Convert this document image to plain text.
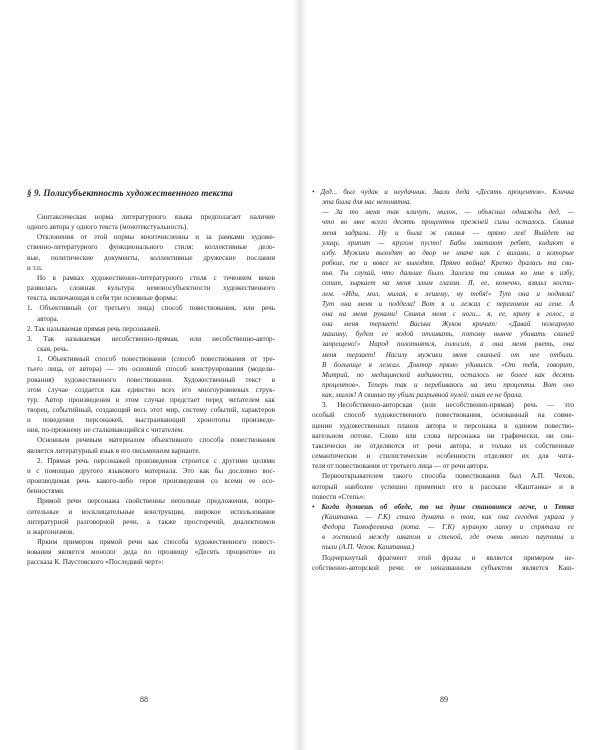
§ 9. Полисубъектность художественного текста
Синтаксическая норма литературного языка предполагает наличие
одного автора у одного текста (монотекстуальность).
Отклонения от этой нормы многочисленны и за рамками художе-
ственно-литературного функционального стиля: коллективные дело-
вые, политические документы, коллективные дружеские послания
и т.п.
Но в рамках художественно-литературного стиля с течением веков
развилась сложная культура немоносубъектности художественного
текста, включающая в себя три основные формы:
1. Объективный (от третьего лица) способ повествования, или речь
автора.
2. Так называемая прямая речь персонажей.
3. Так называемая несобственно-прямая, или несобственно-автор-
ская, речь.
1. Объективный способ повествования (способ повествования от тре-
тьего лица, от автора) — это основной способ конструирования (модели-
рования) художественного повествования. Художественный текст в
этом случае создается как единство всех его многоуровневых струк-
тур. Автор произведения в этом случае предстает перед читателем как
творец, событийный, создающий весь этот мир, систему событий, характеров
и поведения персонажей, выстраивающий хронотопы произведе-
ния, по-прежнему не сталкивающийся с читателем.
Основным речевым материалом объективного способа повествования
является литературный язык в его письменном варианте.
2. Прямая речь персонажей произведения строится с другими целями
и с помощью другого языкового материала. Это как бы дословно вос-
производимая речь какого-либо героя произведения со всеми ее осо-
бенностями.
Прямой речи персонажа свойственны неполные предложения, вопро-
сительные и восклицательные конструкции, широкое использование
литературной разговорной речи, а также просторечий, диалектизмов
и жаргонизмов.
Ярким примером прямой речи как способа художественного повест-
вования является монолог деда по прозвищу «Десять процентов» из
рассказа К. Паустовского «Последний черт»:
88
• Дед... был чудак и неудачник. Звали деда «Десять процентов». Кличка
эта была для нас непонятна.
— За то меня так кличут, милок, — объяснил однажды дед, —
что во мне всего десять процентов прежней силы осталось. Свинья
меня задрала. Ну и была ж свинья — прямо лев! Выйдет на
улицу, хрипит — кругом пусто! Бабы хватают ребят, кидают в
избу. Мужики выходят во двор не иначе как с вилами, а которые
робкие, те и вовсе не выходят. Прямо война! Крепко дралась та сви-
нья. Ты слухай, что дальше было. Залезла та свинья ко мне в избу,
сопит, зыркает на меня злым глазом. Я, ее, конечно, взяльз кости-
лем. «Иди, мол, милая, в лешему, ну тебя!» Тут она и подняла!
Тут она меня и поддела! Вот я и лежал с переломом на сене. А
она на меня руками! Свинья меня с ноги... я, ее, кричу в голос, а
она меня терзает! Васька Жуков кричит: «Давай пожарную
машину, будем ее водой отливать, потому нынче убивать свиней
запрещено!» Народ полотнятся, голосит, а она меня рветь, она
меня терзает! Насилу мужики меня свиньей от нее отбили.
В больнице я лежал. Доктор прямо удивился. «От тебя, говорит,
Митрий, по медицинской видимости, осталось не более как десять
процентов». Теперь так и перебиваюсь на эти проценты. Вот оно
как, милок! А свинью ту убили разрывной пулей: иная ее не брала.
3. Несобственно-авторская (или несобственно-прямая) речь — это
особый способ художественного повествования, основанный на совме-
щении художественных планов автора и персонажа в едином повество-
вательном потоке. Слово или слова персонажа ни графически, ни син-
таксически не отделяются от речи автора, и только их собственные
семантические и стилистические особенности отделяют их для чита-
теля от повествования от третьего лица — от речи автора.
Первооткрывателем такого способа повествования был А.П. Чехов,
который наиболее успешно применил его в рассказе «Каштанка» и в
повести «Степь»:
• Когда думаешь об обеде, то на душе становится легче, и Тетка
(Каштанка. — Г.К) стала думать о том, как она сегодня украла у
Федора Тимофеевича (кота. — Г.К) куриную лапку и спрятала ее
в гостиной между шкапом и стеной, где очень много паутины и
пыли (А.П. Чехов. Каштанка.)
Подчеркнутый фрагмент этой фразы и является примером не-
собственно-авторской речи: ее неназванным субъектом является Каш-
89
